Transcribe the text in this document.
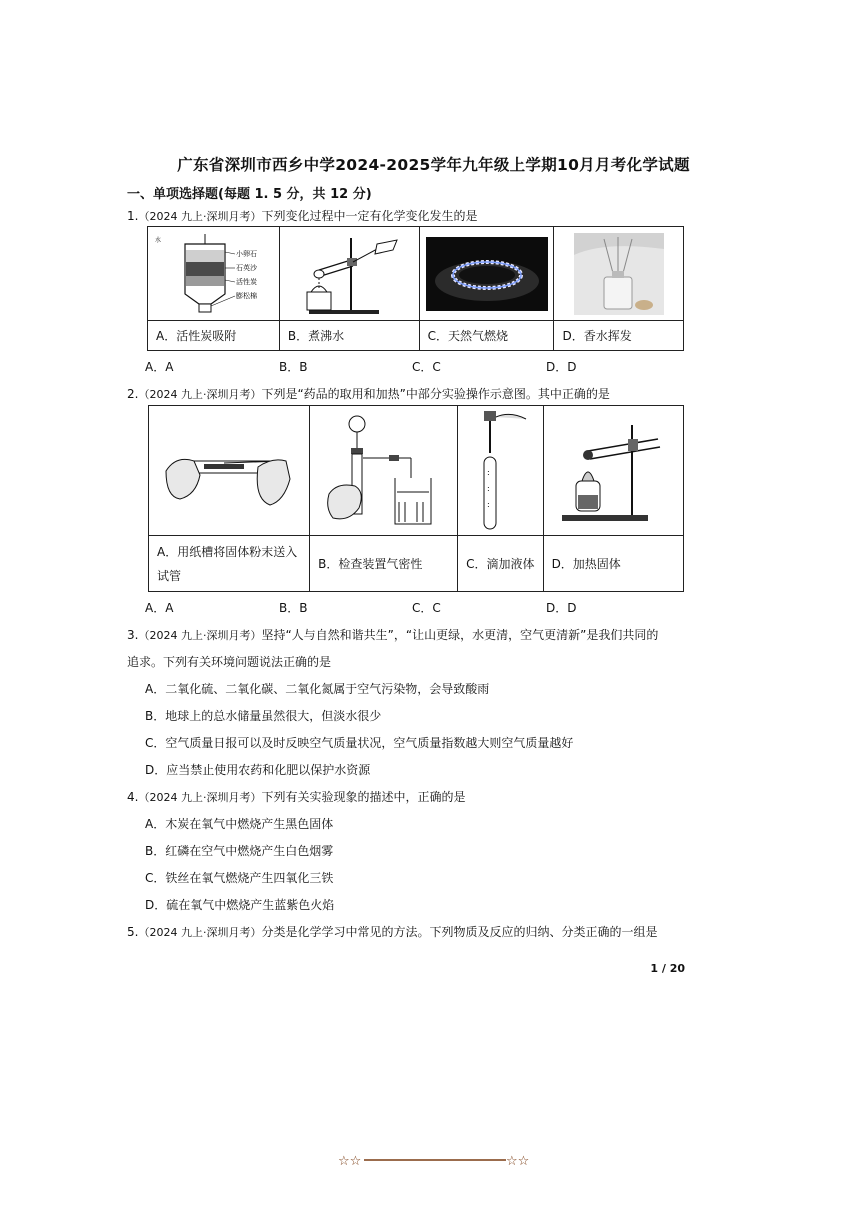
广东省深圳市西乡中学2024-2025学年九年级上学期10月月考化学试题
一、单项选择题(每题 1. 5 分，共 12 分)
1.（2024 九上·深圳月考）下列变化过程中一定有化学变化发生的是
水
小卵石
石英沙
活性炭
膨松棉

A．活性炭吸附	B．煮沸水	C．天然气燃烧	D．香水挥发
A．A	B．B	C．C	D．D
2.（2024 九上·深圳月考）下列是“药品的取用和加热”中部分实验操作示意图。其中正确的是

:
:
:

A．用纸槽将固体粉末送入
试管	B．检查装置气密性	C．滴加液体	D．加热固体
A．A	B．B	C．C	D．D
3.（2024 九上·深圳月考）坚持“人与自然和谐共生”，“让山更绿，水更清，空气更清新”是我们共同的
追求。下列有关环境问题说法正确的是
A．二氧化硫、二氧化碳、二氧化氮属于空气污染物，会导致酸雨
B．地球上的总水储量虽然很大，但淡水很少
C．空气质量日报可以及时反映空气质量状况，空气质量指数越大则空气质量越好
D．应当禁止使用农药和化肥以保护水资源
4.（2024 九上·深圳月考）下列有关实验现象的描述中，正确的是
A．木炭在氧气中燃烧产生黑色固体
B．红磷在空气中燃烧产生白色烟雾
C．铁丝在氧气燃烧产生四氧化三铁
D．硫在氧气中燃烧产生蓝紫色火焰
5.（2024 九上·深圳月考）分类是化学学习中常见的方法。下列物质及反应的归纳、分类正确的一组是
1 / 20
☆☆	☆☆
